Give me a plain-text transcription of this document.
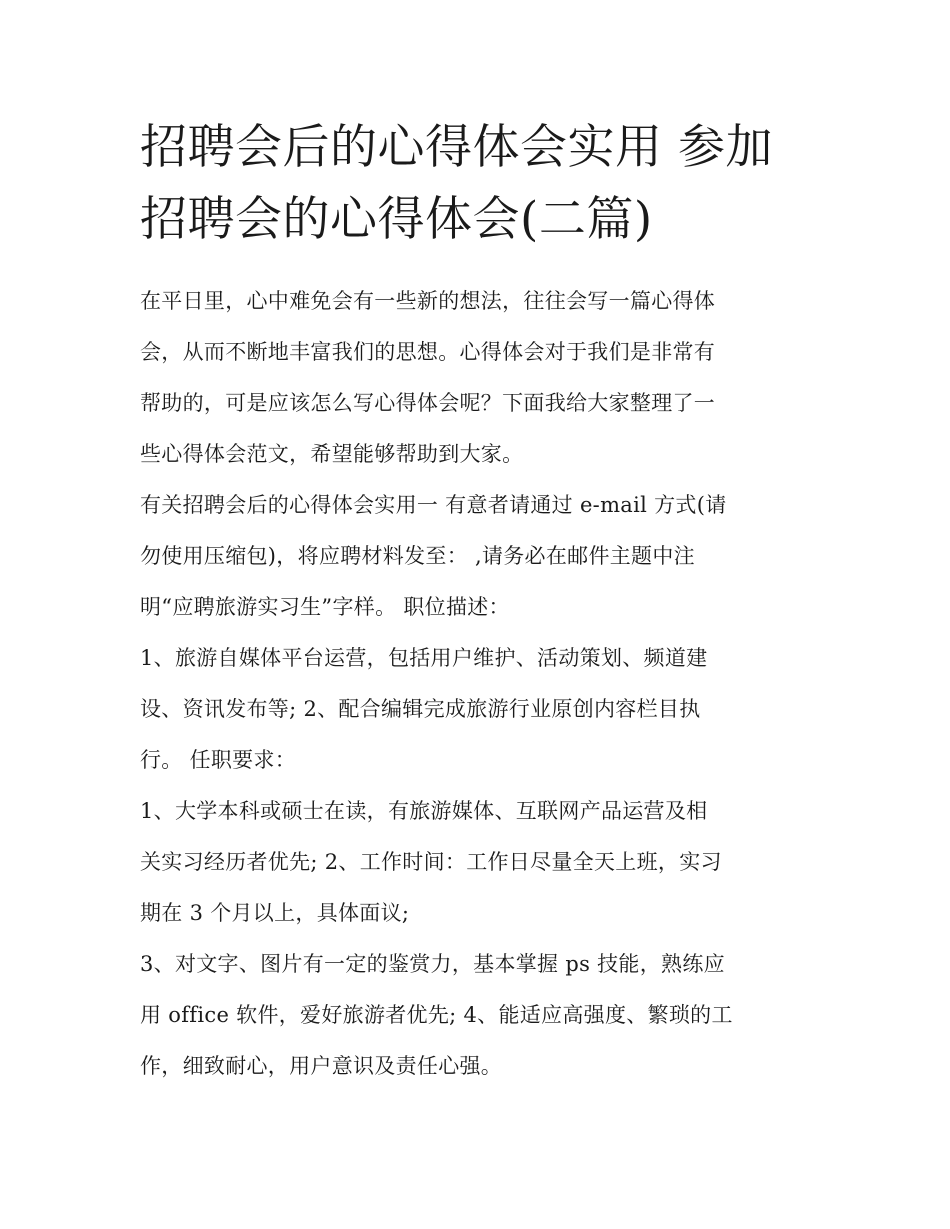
招聘会后的心得体会实用 参加
招聘会的心得体会(二篇)

在平日里，心中难免会有一些新的想法，往往会写一篇心得体
会，从而不断地丰富我们的思想。心得体会对于我们是非常有
帮助的，可是应该怎么写心得体会呢？下面我给大家整理了一
些心得体会范文，希望能够帮助到大家。

有关招聘会后的心得体会实用一 有意者请通过 e-mail 方式(请
勿使用压缩包)，将应聘材料发至： ,请务必在邮件主题中注
明“应聘旅游实习生”字样。 职位描述：

1、旅游自媒体平台运营，包括用户维护、活动策划、频道建
设、资讯发布等; 2、配合编辑完成旅游行业原创内容栏目执
行。 任职要求：

1、大学本科或硕士在读，有旅游媒体、互联网产品运营及相
关实习经历者优先; 2、工作时间：工作日尽量全天上班，实习
期在 3 个月以上，具体面议;

3、对文字、图片有一定的鉴赏力，基本掌握 ps 技能，熟练应
用 office 软件，爱好旅游者优先; 4、能适应高强度、繁琐的工
作，细致耐心，用户意识及责任心强。
